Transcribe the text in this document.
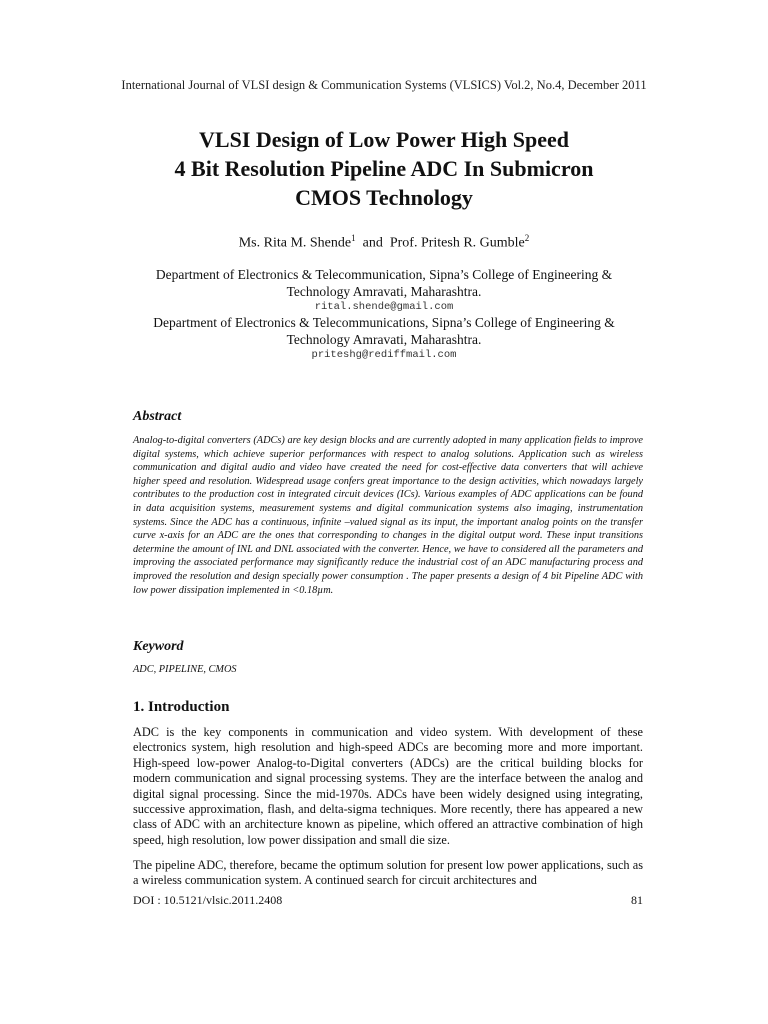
International Journal of VLSI design & Communication Systems (VLSICS) Vol.2, No.4, December 2011
VLSI Design of Low Power High Speed
4 Bit Resolution Pipeline ADC In Submicron
CMOS Technology
Ms. Rita M. Shende$^1$ and Prof. Pritesh R. Gumble$^2$
Department of Electronics & Telecommunication, Sipna’s College of Engineering &
Technology Amravati, Maharashtra.
rital.shende@gmail.com
Department of Electronics & Telecommunications, Sipna’s College of Engineering &
Technology Amravati, Maharashtra.
priteshg@rediffmail.com
Abstract
Analog-to-digital converters (ADCs) are key design blocks and are currently adopted in many application fields to improve digital systems, which achieve superior performances with respect to analog solutions. Application such as wireless communication and digital audio and video have created the need for cost-effective data converters that will achieve higher speed and resolution. Widespread usage confers great importance to the design activities, which nowadays largely contributes to the production cost in integrated circuit devices (ICs). Various examples of ADC applications can be found in data acquisition systems, measurement systems and digital communication systems also imaging, instrumentation systems. Since the ADC has a continuous, infinite –valued signal as its input, the important analog points on the transfer curve x-axis for an ADC are the ones that corresponding to changes in the digital output word. These input transitions determine the amount of INL and DNL associated with the converter. Hence, we have to considered all the parameters and improving the associated performance may significantly reduce the industrial cost of an ADC manufacturing process and improved the resolution and design specially power consumption . The paper presents a design of 4 bit Pipeline ADC with low power dissipation implemented in <0.18µm.
Keyword
ADC, PIPELINE, CMOS
1. Introduction
ADC is the key components in communication and video system. With development of these electronics system, high resolution and high-speed ADCs are becoming more and more important. High-speed low-power Analog-to-Digital converters (ADCs) are the critical building blocks for modern communication and signal processing systems. They are the interface between the analog and digital signal processing. Since the mid-1970s. ADCs have been widely designed using integrating, successive approximation, flash, and delta-sigma techniques. More recently, there has appeared a new class of ADC with an architecture known as pipeline, which offered an attractive combination of high speed, high resolution, low power dissipation and small die size.
The pipeline ADC, therefore, became the optimum solution for present low power applications, such as a wireless communication system. A continued search for circuit architectures and
DOI : 10.5121/vlsic.2011.2408	81
